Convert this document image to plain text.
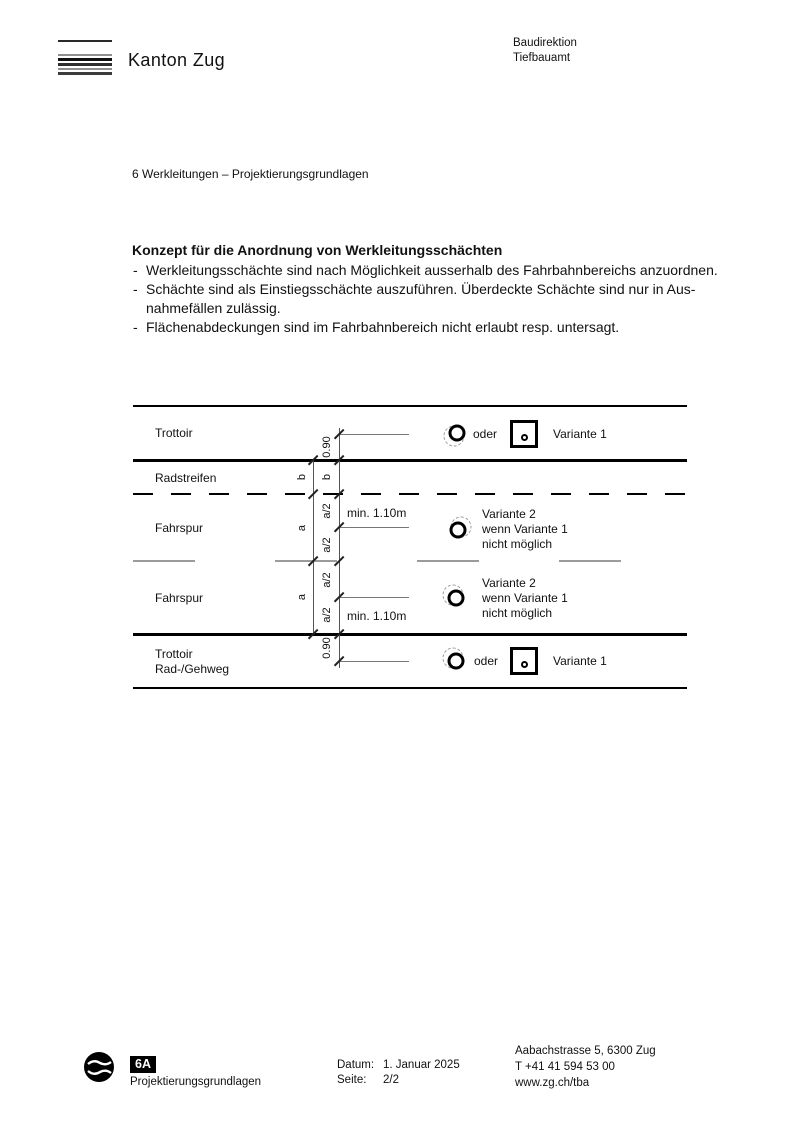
Kanton Zug
Baudirektion
Tiefbauamt
6 Werkleitungen – Projektierungsgrundlagen
Konzept für die Anordnung von Werkleitungsschächten
- Werkleitungsschächte sind nach Möglichkeit ausserhalb des Fahrbahnbereichs anzuordnen.
- Schächte sind als Einstiegsschächte auszuführen. Überdeckte Schächte sind nur in Aus-
nahmefällen zulässig.
- Flächenabdeckungen sind im Fahrbahnbereich nicht erlaubt resp. untersagt.
Trottoir
Radstreifen
Fahrspur
Fahrspur
Trottoir
Rad-/Gehweg
0.90
b b
a
a/2
a/2
a
a/2
a/2
0.90
min. 1.10m
min. 1.10m
oder	Variante 1
Variante 2
wenn Variante 1
nicht möglich
Variante 2
wenn Variante 1
nicht möglich
oder	Variante 1
6A
Projektierungsgrundlagen
Datum: 1. Januar 2025
Seite: 2/2
Aabachstrasse 5, 6300 Zug
T +41 41 594 53 00
www.zg.ch/tba
